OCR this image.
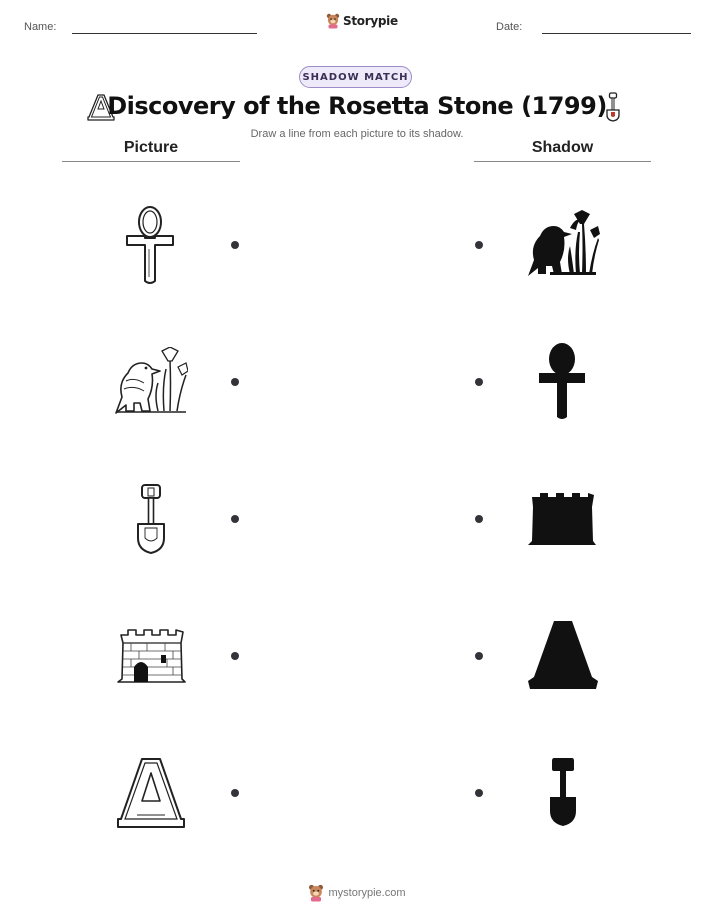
Name:	Storypie	Date:
SHADOW MATCH
Discovery of the Rosetta Stone (1799)
Draw a line from each picture to its shadow.
Picture	Shadow
mystorypie.com
